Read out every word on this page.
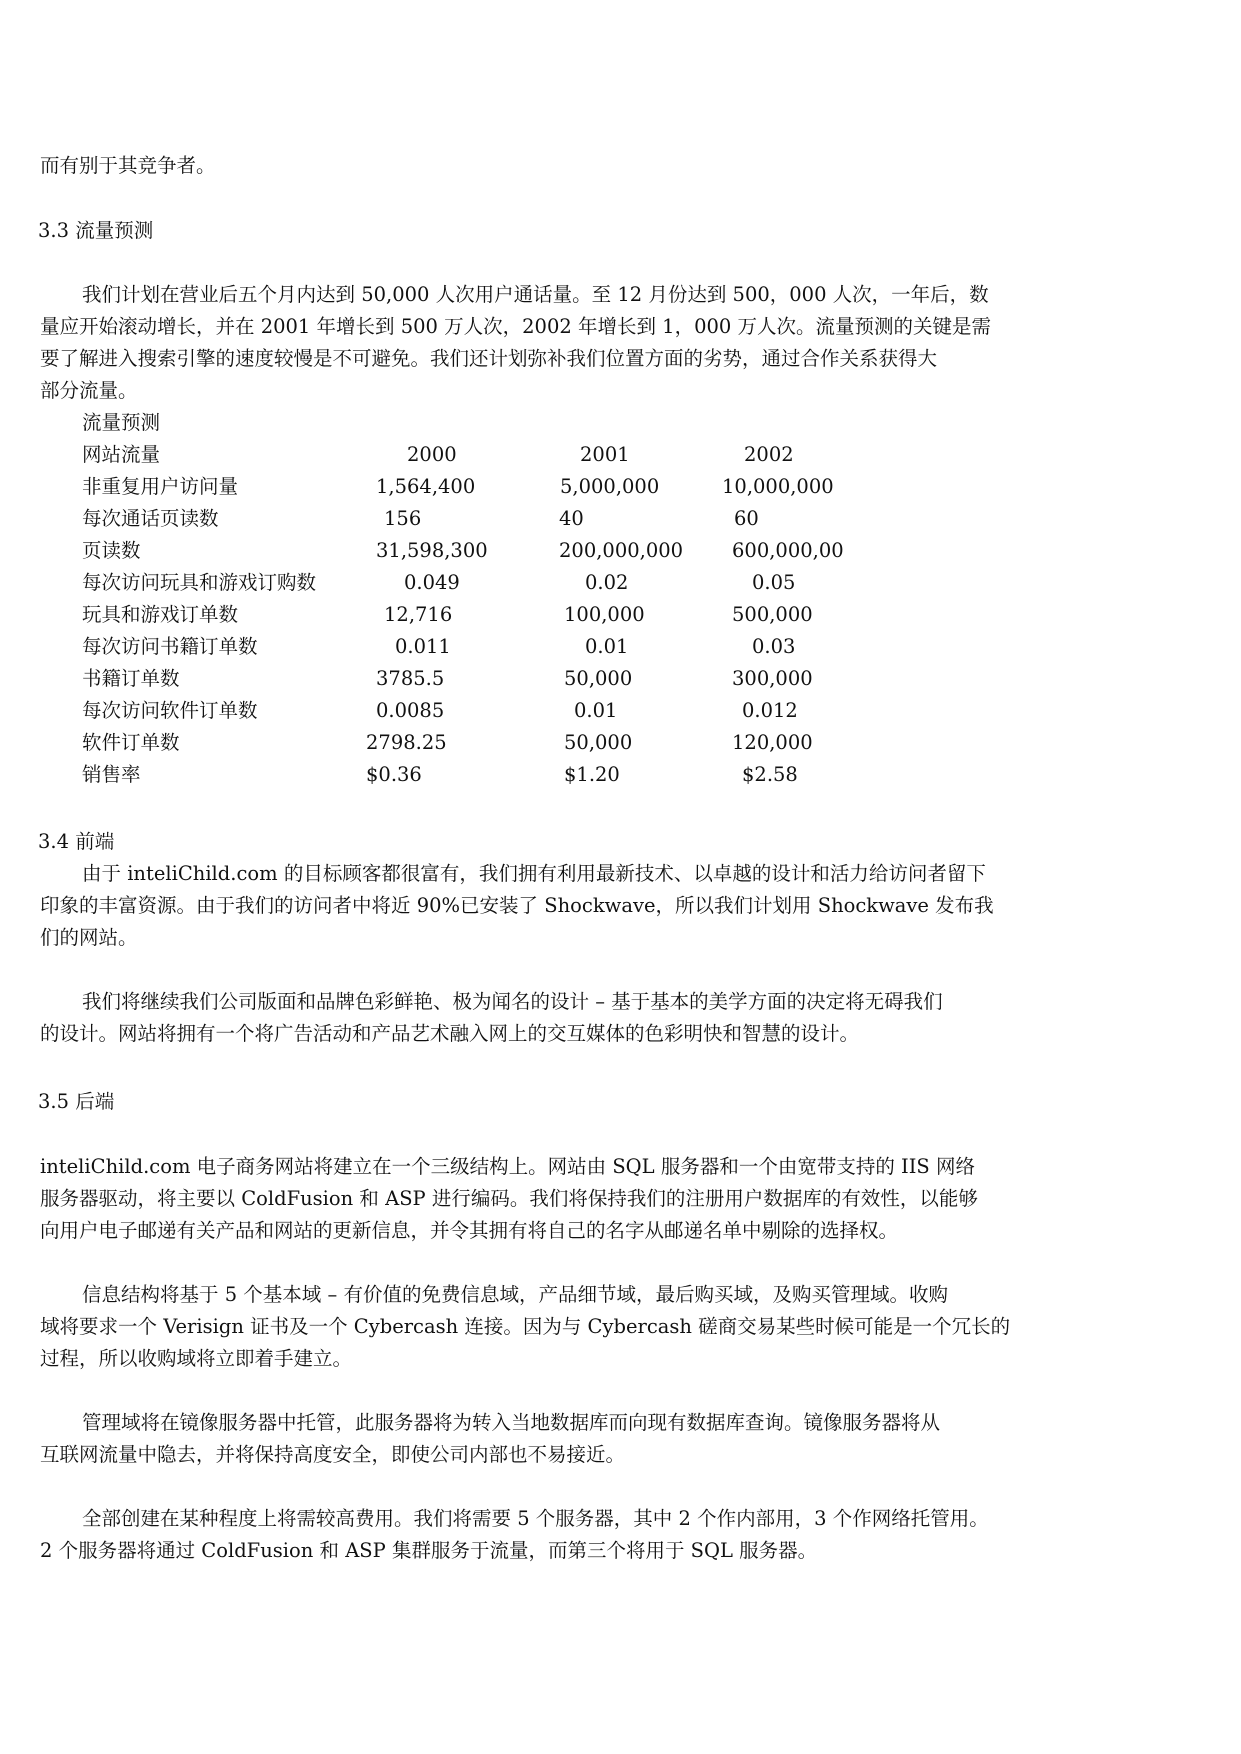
而有别于其竞争者。
3.3 流量预测
我们计划在营业后五个月内达到 50,000 人次用户通话量。至 12 月份达到 500，000 人次，一年后，数
量应开始滚动增长，并在 2001 年增长到 500 万人次，2002 年增长到 1，000 万人次。流量预测的关键是需
要了解进入搜索引擎的速度较慢是不可避免。我们还计划弥补我们位置方面的劣势，通过合作关系获得大
部分流量。
流量预测
网站流量	2000	2001	2002
非重复用户访问量	1,564,400	5,000,000	10,000,000
每次通话页读数	156	40	60
页读数	31,598,300	200,000,000	600,000,00
每次访问玩具和游戏订购数	0.049	0.02	0.05
玩具和游戏订单数	12,716	100,000	500,000
每次访问书籍订单数	0.011	0.01	0.03
书籍订单数	3785.5	50,000	300,000
每次访问软件订单数	0.0085	0.01	0.012
软件订单数	2798.25	50,000	120,000
销售率	$0.36	$1.20	$2.58
3.4 前端
由于 inteliChild.com 的目标顾客都很富有，我们拥有利用最新技术、以卓越的设计和活力给访问者留下
印象的丰富资源。由于我们的访问者中将近 90%已安装了 Shockwave，所以我们计划用 Shockwave 发布我
们的网站。
我们将继续我们公司版面和品牌色彩鲜艳、极为闻名的设计 – 基于基本的美学方面的决定将无碍我们
的设计。网站将拥有一个将广告活动和产品艺术融入网上的交互媒体的色彩明快和智慧的设计。
3.5 后端
inteliChild.com 电子商务网站将建立在一个三级结构上。网站由 SQL 服务器和一个由宽带支持的 IIS 网络
服务器驱动，将主要以 ColdFusion 和 ASP 进行编码。我们将保持我们的注册用户数据库的有效性，以能够
向用户电子邮递有关产品和网站的更新信息，并令其拥有将自己的名字从邮递名单中剔除的选择权。
信息结构将基于 5 个基本域 – 有价值的免费信息域，产品细节域，最后购买域，及购买管理域。收购
域将要求一个 Verisign 证书及一个 Cybercash 连接。因为与 Cybercash 磋商交易某些时候可能是一个冗长的
过程，所以收购域将立即着手建立。
管理域将在镜像服务器中托管，此服务器将为转入当地数据库而向现有数据库查询。镜像服务器将从
互联网流量中隐去，并将保持高度安全，即使公司内部也不易接近。
全部创建在某种程度上将需较高费用。我们将需要 5 个服务器，其中 2 个作内部用，3 个作网络托管用。
2 个服务器将通过 ColdFusion 和 ASP 集群服务于流量，而第三个将用于 SQL 服务器。
